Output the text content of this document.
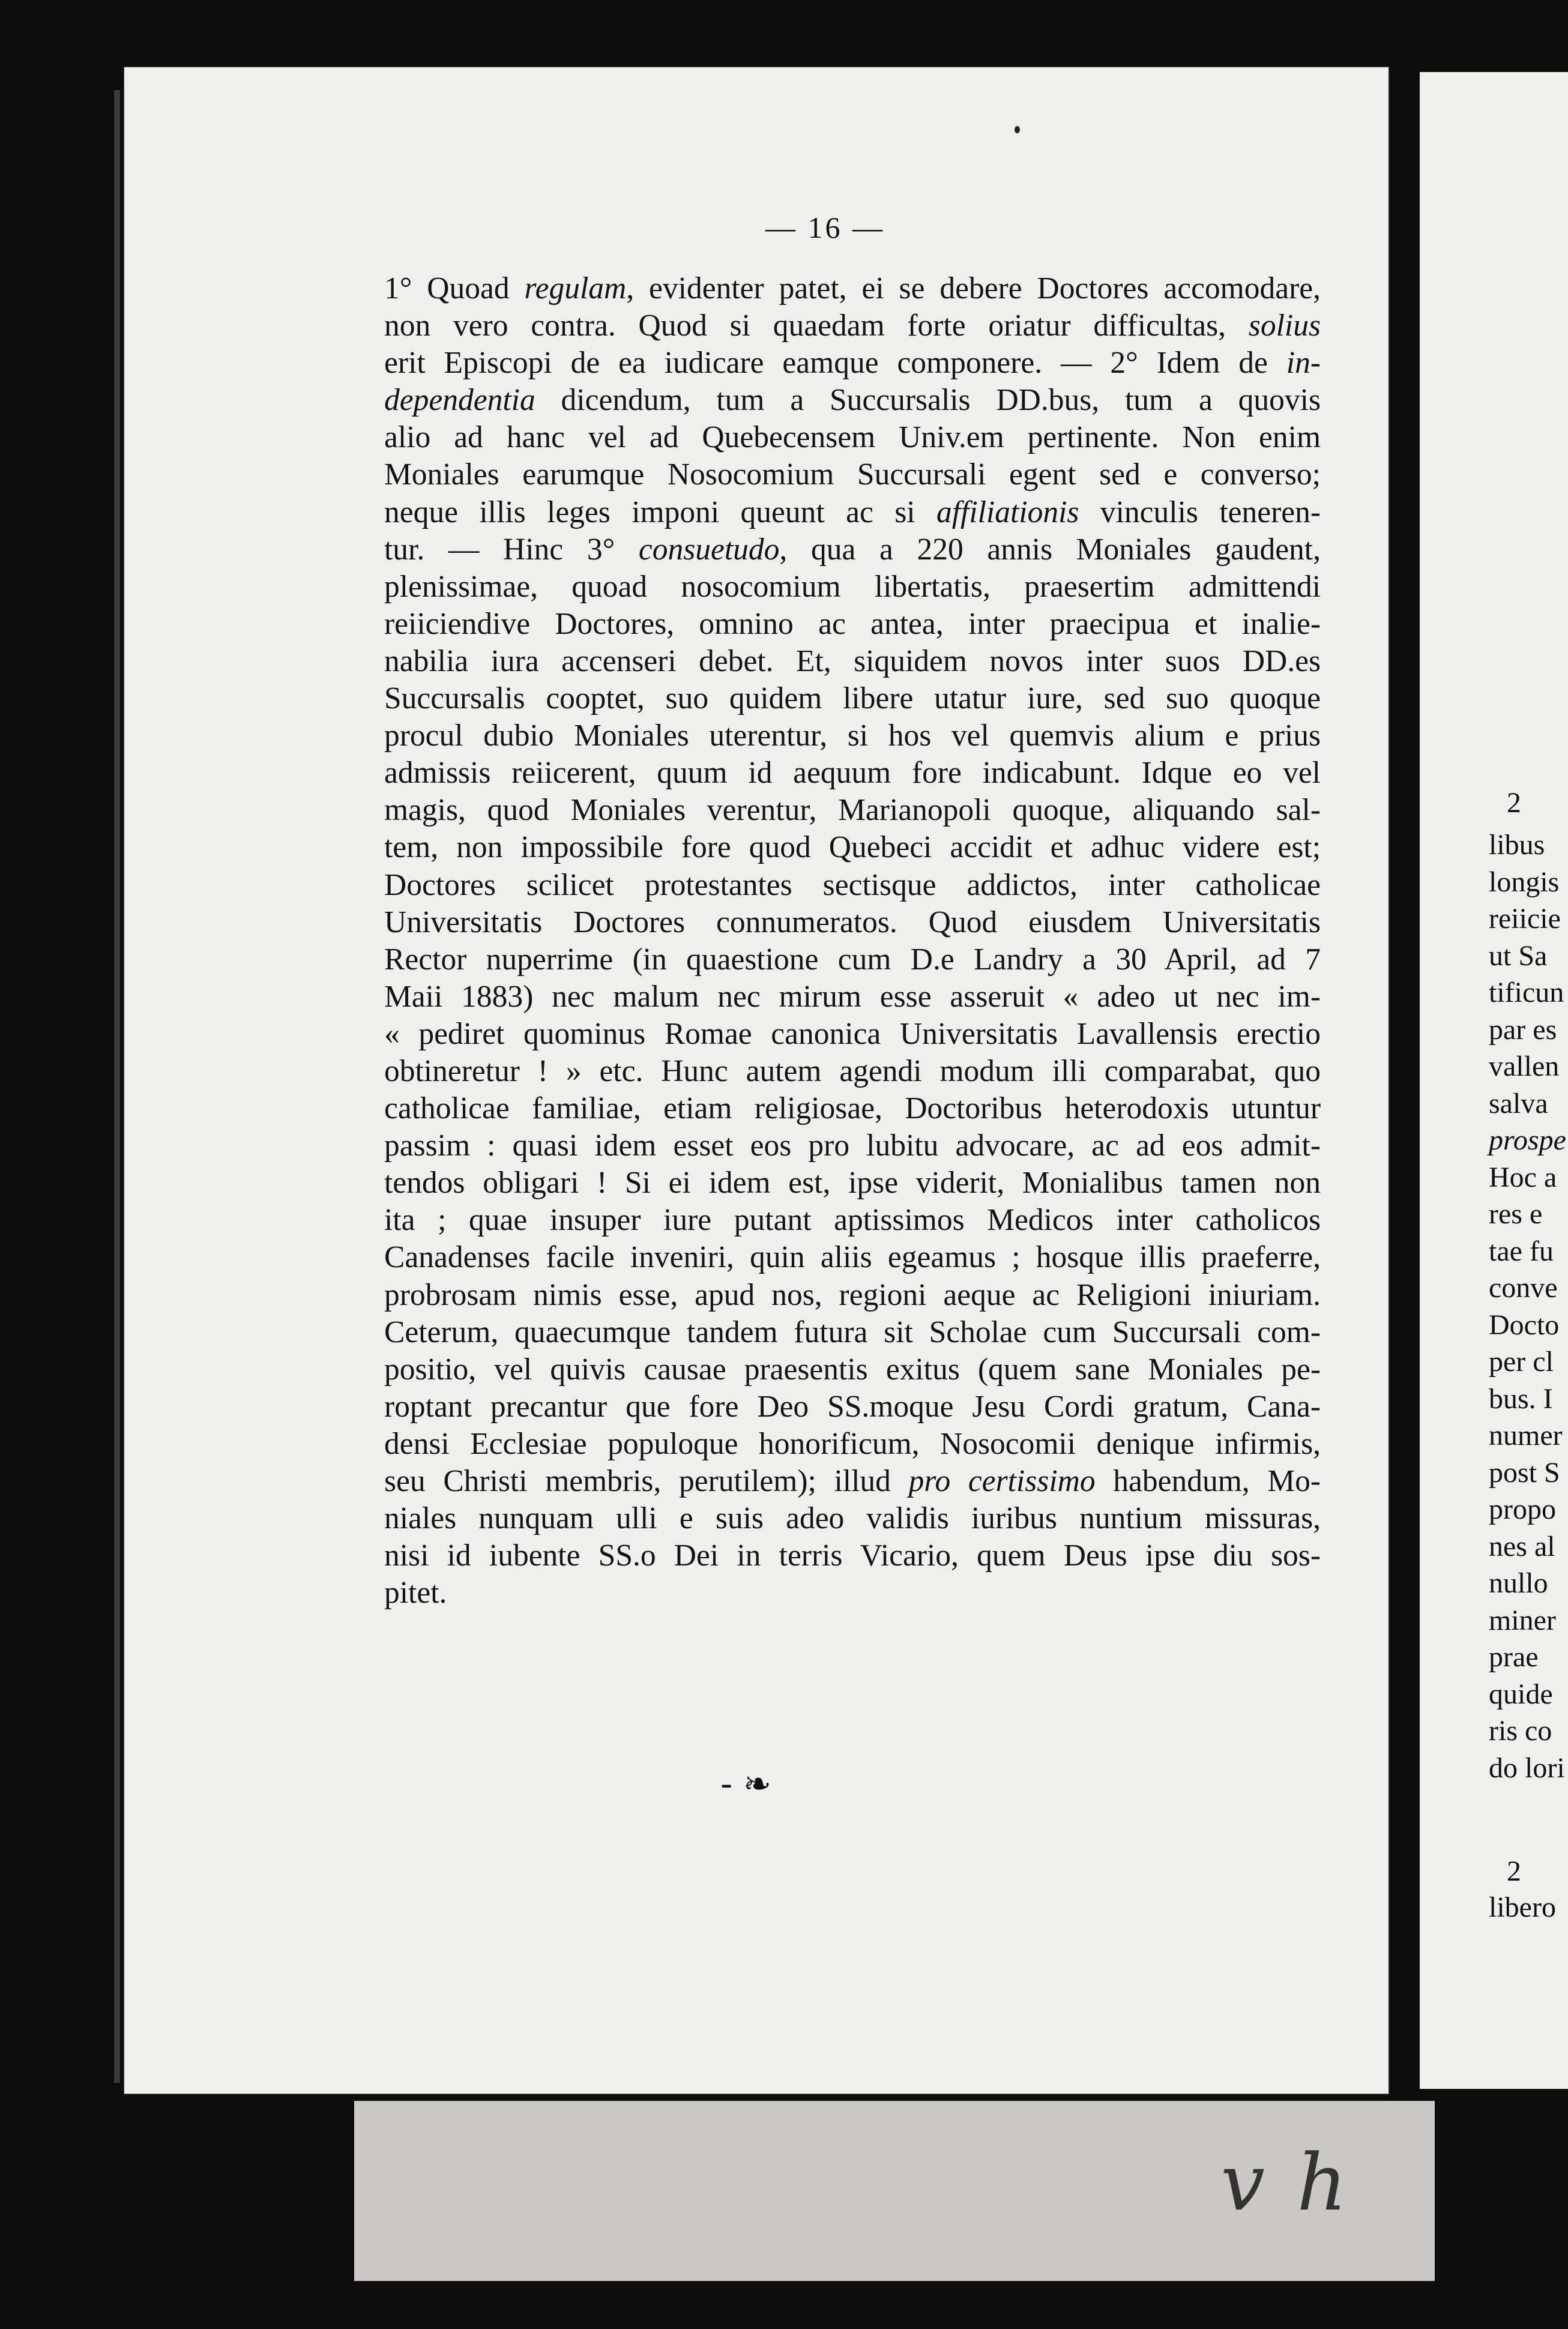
v h
2
libus
longis
reiicie
ut Sa
tificun
par es
vallen
salva
prospe
Hoc a
res e
tae fu
conve
Docto
per cl
bus. I
numer
post S
propo
nes al
nullo
miner
prae
quide
ris co
do lori
2
libero
— 16 —
1° Quoad regulam, evidenter patet, ei se debere Doctores accomodare,
non vero contra. Quod si quaedam forte oriatur difficultas, solius
erit Episcopi de ea iudicare eamque componere. — 2° Idem de in-
dependentia dicendum, tum a Succursalis DD.bus, tum a quovis
alio ad hanc vel ad Quebecensem Univ.em pertinente. Non enim
Moniales earumque Nosocomium Succursali egent sed e converso;
neque illis leges imponi queunt ac si affiliationis vinculis teneren-
tur. — Hinc 3° consuetudo, qua a 220 annis Moniales gaudent,
plenissimae, quoad nosocomium libertatis, praesertim admittendi
reiiciendive Doctores, omnino ac antea, inter praecipua et inalie-
nabilia iura accenseri debet. Et, siquidem novos inter suos DD.es
Succursalis cooptet, suo quidem libere utatur iure, sed suo quoque
procul dubio Moniales uterentur, si hos vel quemvis alium e prius
admissis reiicerent, quum id aequum fore indicabunt. Idque eo vel
magis, quod Moniales verentur, Marianopoli quoque, aliquando sal-
tem, non impossibile fore quod Quebeci accidit et adhuc videre est;
Doctores scilicet protestantes sectisque addictos, inter catholicae
Universitatis Doctores connumeratos. Quod eiusdem Universitatis
Rector nuperrime (in quaestione cum D.e Landry a 30 April, ad 7
Maii 1883) nec malum nec mirum esse asseruit « adeo ut nec im-
« pediret quominus Romae canonica Universitatis Lavallensis erectio
obtineretur ! » etc. Hunc autem agendi modum illi comparabat, quo
catholicae familiae, etiam religiosae, Doctoribus heterodoxis utuntur
passim : quasi idem esset eos pro lubitu advocare, ac ad eos admit-
tendos obligari ! Si ei idem est, ipse viderit, Monialibus tamen non
ita ; quae insuper iure putant aptissimos Medicos inter catholicos
Canadenses facile inveniri, quin aliis egeamus ; hosque illis praeferre,
probrosam nimis esse, apud nos, regioni aeque ac Religioni iniuriam.
Ceterum, quaecumque tandem futura sit Scholae cum Succursali com-
positio, vel quivis causae praesentis exitus (quem sane Moniales pe-
roptant precantur que fore Deo SS.moque Jesu Cordi gratum, Cana-
densi Ecclesiae populoque honorificum, Nosocomii denique infirmis,
seu Christi membris, perutilem); illud pro certissimo habendum, Mo-
niales nunquam ulli e suis adeo validis iuribus nuntium missuras,
nisi id iubente SS.o Dei in terris Vicario, quem Deus ipse diu sos-
pitet.
- ❧
